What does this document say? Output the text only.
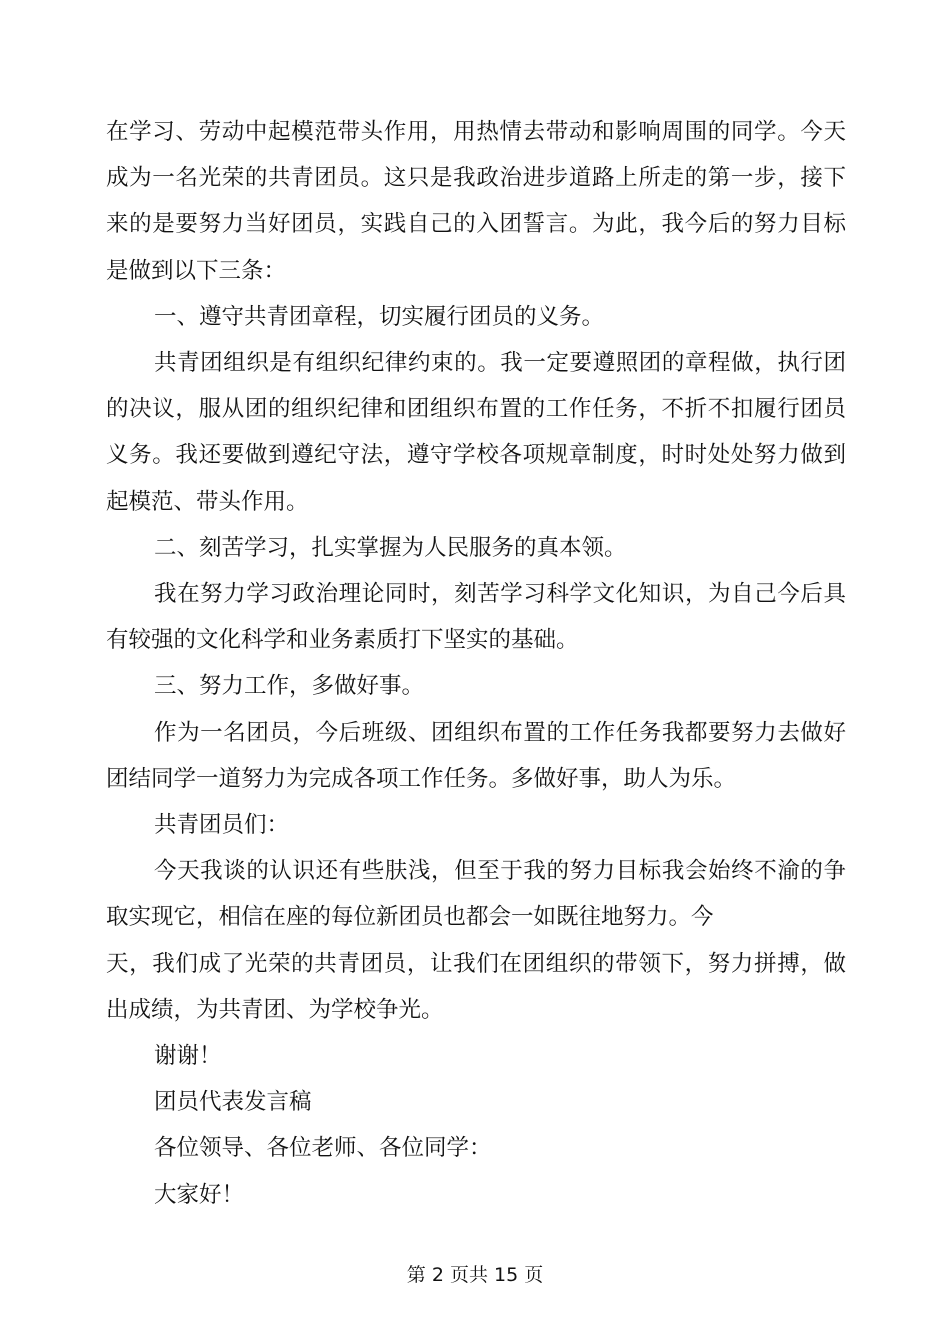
在学习、劳动中起模范带头作用，用热情去带动和影响周围的同学。今天
成为一名光荣的共青团员。这只是我政治进步道路上所走的第一步，接下
来的是要努力当好团员，实践自己的入团誓言。为此，我今后的努力目标
是做到以下三条：
一、遵守共青团章程，切实履行团员的义务。
共青团组织是有组织纪律约束的。我一定要遵照团的章程做，执行团
的决议，服从团的组织纪律和团组织布置的工作任务，不折不扣履行团员
义务。我还要做到遵纪守法，遵守学校各项规章制度，时时处处努力做到
起模范、带头作用。
二、刻苦学习，扎实掌握为人民服务的真本领。
我在努力学习政治理论同时，刻苦学习科学文化知识，为自己今后具
有较强的文化科学和业务素质打下坚实的基础。
三、努力工作，多做好事。
作为一名团员，今后班级、团组织布置的工作任务我都要努力去做好
团结同学一道努力为完成各项工作任务。多做好事，助人为乐。
共青团员们：
今天我谈的认识还有些肤浅，但至于我的努力目标我会始终不渝的争
取实现它，相信在座的每位新团员也都会一如既往地努力。今
天，我们成了光荣的共青团员，让我们在团组织的带领下，努力拼搏，做
出成绩，为共青团、为学校争光。
谢谢！
团员代表发言稿
各位领导、各位老师、各位同学：
大家好！
第 2 页共 15 页
